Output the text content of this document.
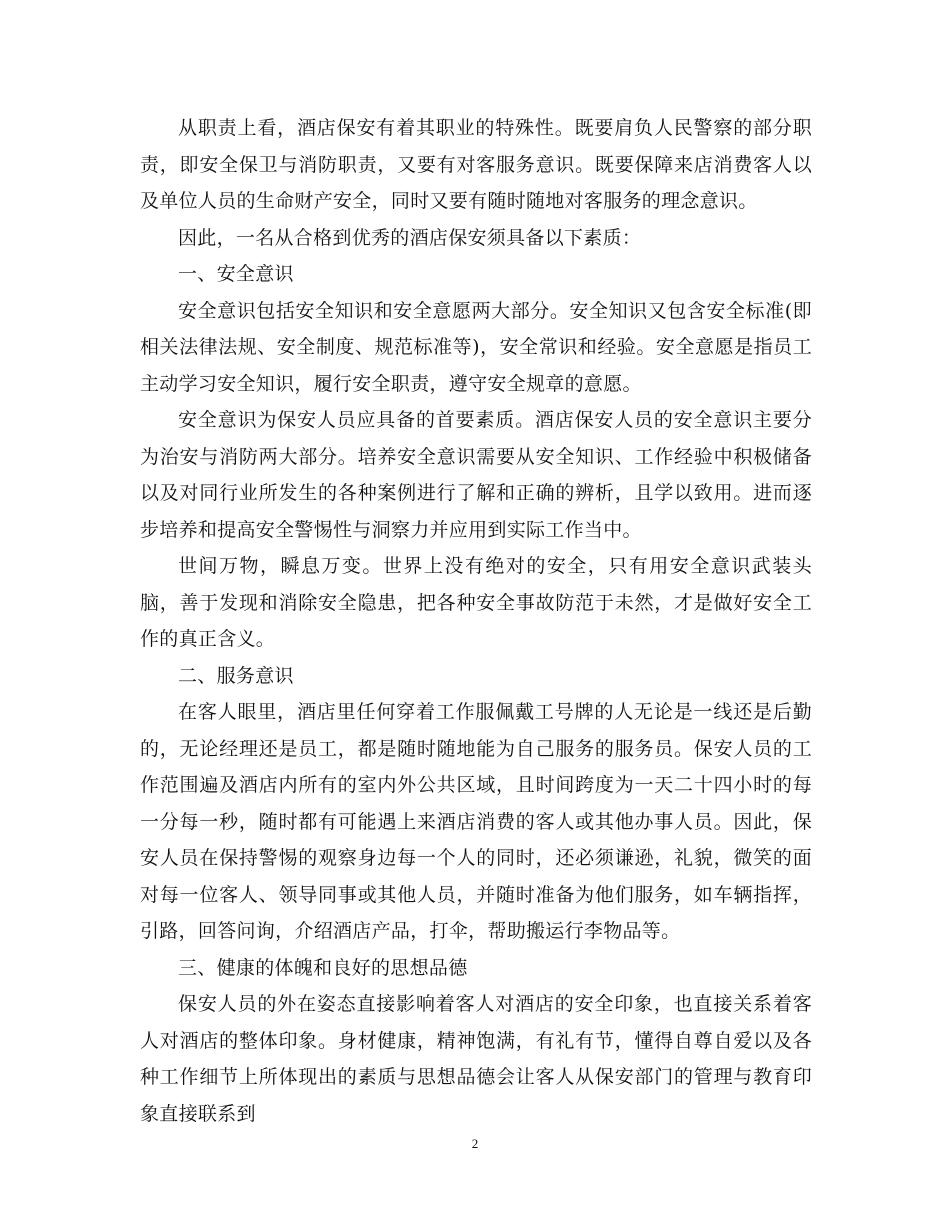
从职责上看，酒店保安有着其职业的特殊性。既要肩负人民警察的部分职责，即安全保卫与消防职责，又要有对客服务意识。既要保障来店消费客人以及单位人员的生命财产安全，同时又要有随时随地对客服务的理念意识。

因此，一名从合格到优秀的酒店保安须具备以下素质：

一、安全意识

安全意识包括安全知识和安全意愿两大部分。安全知识又包含安全标准(即相关法律法规、安全制度、规范标准等)，安全常识和经验。安全意愿是指员工主动学习安全知识，履行安全职责，遵守安全规章的意愿。

安全意识为保安人员应具备的首要素质。酒店保安人员的安全意识主要分为治安与消防两大部分。培养安全意识需要从安全知识、工作经验中积极储备以及对同行业所发生的各种案例进行了解和正确的辨析，且学以致用。进而逐步培养和提高安全警惕性与洞察力并应用到实际工作当中。

世间万物，瞬息万变。世界上没有绝对的安全，只有用安全意识武装头脑，善于发现和消除安全隐患，把各种安全事故防范于未然，才是做好安全工作的真正含义。

二、服务意识

在客人眼里，酒店里任何穿着工作服佩戴工号牌的人无论是一线还是后勤的，无论经理还是员工，都是随时随地能为自己服务的服务员。保安人员的工作范围遍及酒店内所有的室内外公共区域，且时间跨度为一天二十四小时的每一分每一秒，随时都有可能遇上来酒店消费的客人或其他办事人员。因此，保安人员在保持警惕的观察身边每一个人的同时，还必须谦逊，礼貌，微笑的面对每一位客人、领导同事或其他人员，并随时准备为他们服务，如车辆指挥，引路，回答问询，介绍酒店产品，打伞，帮助搬运行李物品等。

三、健康的体魄和良好的思想品德

保安人员的外在姿态直接影响着客人对酒店的安全印象，也直接关系着客人对酒店的整体印象。身材健康，精神饱满，有礼有节，懂得自尊自爱以及各种工作细节上所体现出的素质与思想品德会让客人从保安部门的管理与教育印象直接联系到

2
